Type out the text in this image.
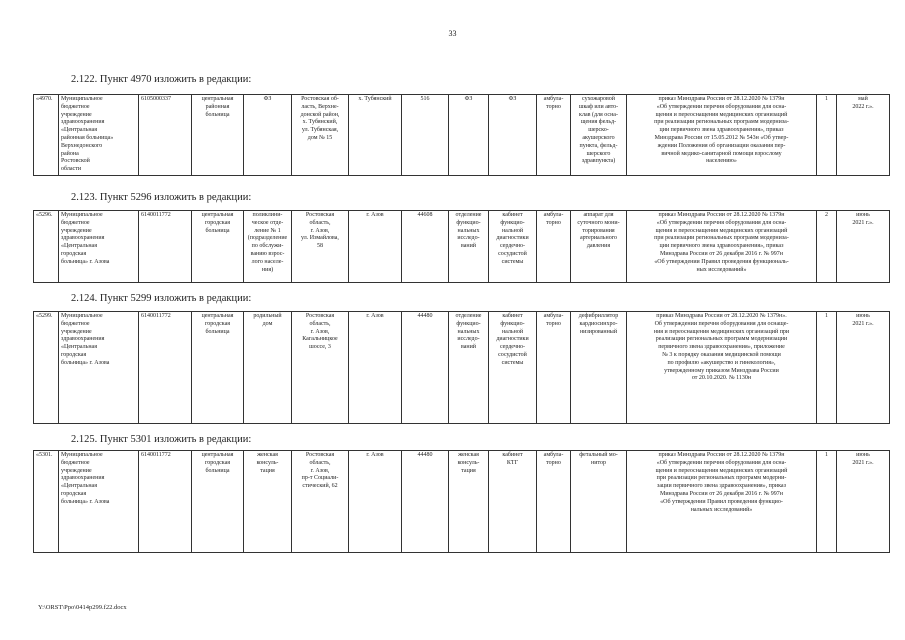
33
2.122. Пункт 4970 изложить в редакции:
«4970.	Муниципальное
бюджетное
учреждение
здравоохранения
«Центральная
районная больница»
Верхнедонского
района
Ростовской
области	6105000337	центральная
районная
больница	ФЗ	Ростовская об-
ласть, Верхне-
донской район,
х. Тубянский,
ул. Тубянская,
дом № 15	х. Тубянский	516	ФЗ	ФЗ	амбула-
торно	сухожаровой
шкаф или авто-
клав (для осна-
щения фельд-
шерско-
акушерского
пункта, фельд-
шерского
здравпункта)	приказ Минздрава России от 28.12.2020 № 1379н
«Об утверждении перечня оборудования для осна-
щения и переоснащения медицинских организаций
при реализации региональных программ модерниза-
ции первичного звена здравоохранения», приказ
Минздрава России от 15.05.2012 № 543н «Об утвер-
ждении Положения об организации оказания пер-
вичной медико-санитарной помощи взрослому
населению»	1	май
2022 г.».
2.123. Пункт 5296 изложить в редакции:
«5296.	Муниципальное
бюджетное
учреждение
здравоохранения
«Центральная
городская
больница» г. Азова	6140011772	центральная
городская
больница	поликлини-
ческое отде-
ление № 1
(подразделение
по обслужи-
ванию взрос-
лого населе-
ния)	Ростовская
область,
г. Азов,
ул. Измайлова,
58	г. Азов	44608	отделение
функцио-
нальных
исследо-
ваний	кабинет
функцио-
нальной
диагностики
сердечно-
сосудистой
системы	амбула-
торно	аппарат для
суточного мони-
торирования
артериального
давления	приказ Минздрава России от 28.12.2020 № 1379н
«Об утверждении перечня оборудования для осна-
щения и переоснащения медицинских организаций
при реализации региональных программ модерниза-
ции первичного звена здравоохранения», приказ
Минздрава России от 26 декабря 2016 г. № 997н
«Об утверждении Правил проведения функциональ-
ных исследований»	2	июнь
2021 г.».
2.124. Пункт 5299 изложить в редакции:
«5299.	Муниципальное
бюджетное
учреждение
здравоохранения
«Центральная
городская
больница» г. Азова	6140011772	центральная
городская
больница	родильный
дом	Ростовская
область,
г. Азов,
Кагальницкое
шоссе, 3	г. Азов	44480	отделение
функцио-
нальных
исследо-
ваний	кабинет
функцио-
нальной
диагностики
сердечно-
сосудистой
системы	амбула-
торно	дефибриллятор
кардиосинхро-
низированный	приказ Минздрава России от 28.12.2020 № 1379н».
Об утверждении перечня оборудования для оснаще-
ния и переоснащения медицинских организаций при
реализации региональных программ модернизации
первичного звена здравоохранения», приложение
№ 3 к порядку оказания медицинской помощи
по профилю «акушерство и гинекология»,
утвержденному приказом Минздрава России
от 20.10.2020. № 1130н	1	июнь
2021 г.».
2.125. Пункт 5301 изложить в редакции:
«5301.	Муниципальное
бюджетное
учреждение
здравоохранения
«Центральная
городская
больница» г. Азова	6140011772	центральная
городская
больница	женская
консуль-
тация	Ростовская
область,
г. Азов,
пр-т Социали-
стический, 62	г. Азов	44480	женская
консуль-
тация	кабинет
КТГ	амбула-
торно	фетальный мо-
нитор	приказ Минздрава России от 28.12.2020 № 1379н
«Об утверждении перечня оборудования для осна-
щения и переоснащения медицинских организаций
при реализации региональных программ модерни-
зации первичного звена здравоохранения», приказ
Минздрава России от 26 декабря 2016 г. № 997н
«Об утверждении Правил проведения функцио-
нальных исследований»	1	июнь
2021 г.».
Y:\ORST\Ppo\0414p299.f22.docx
